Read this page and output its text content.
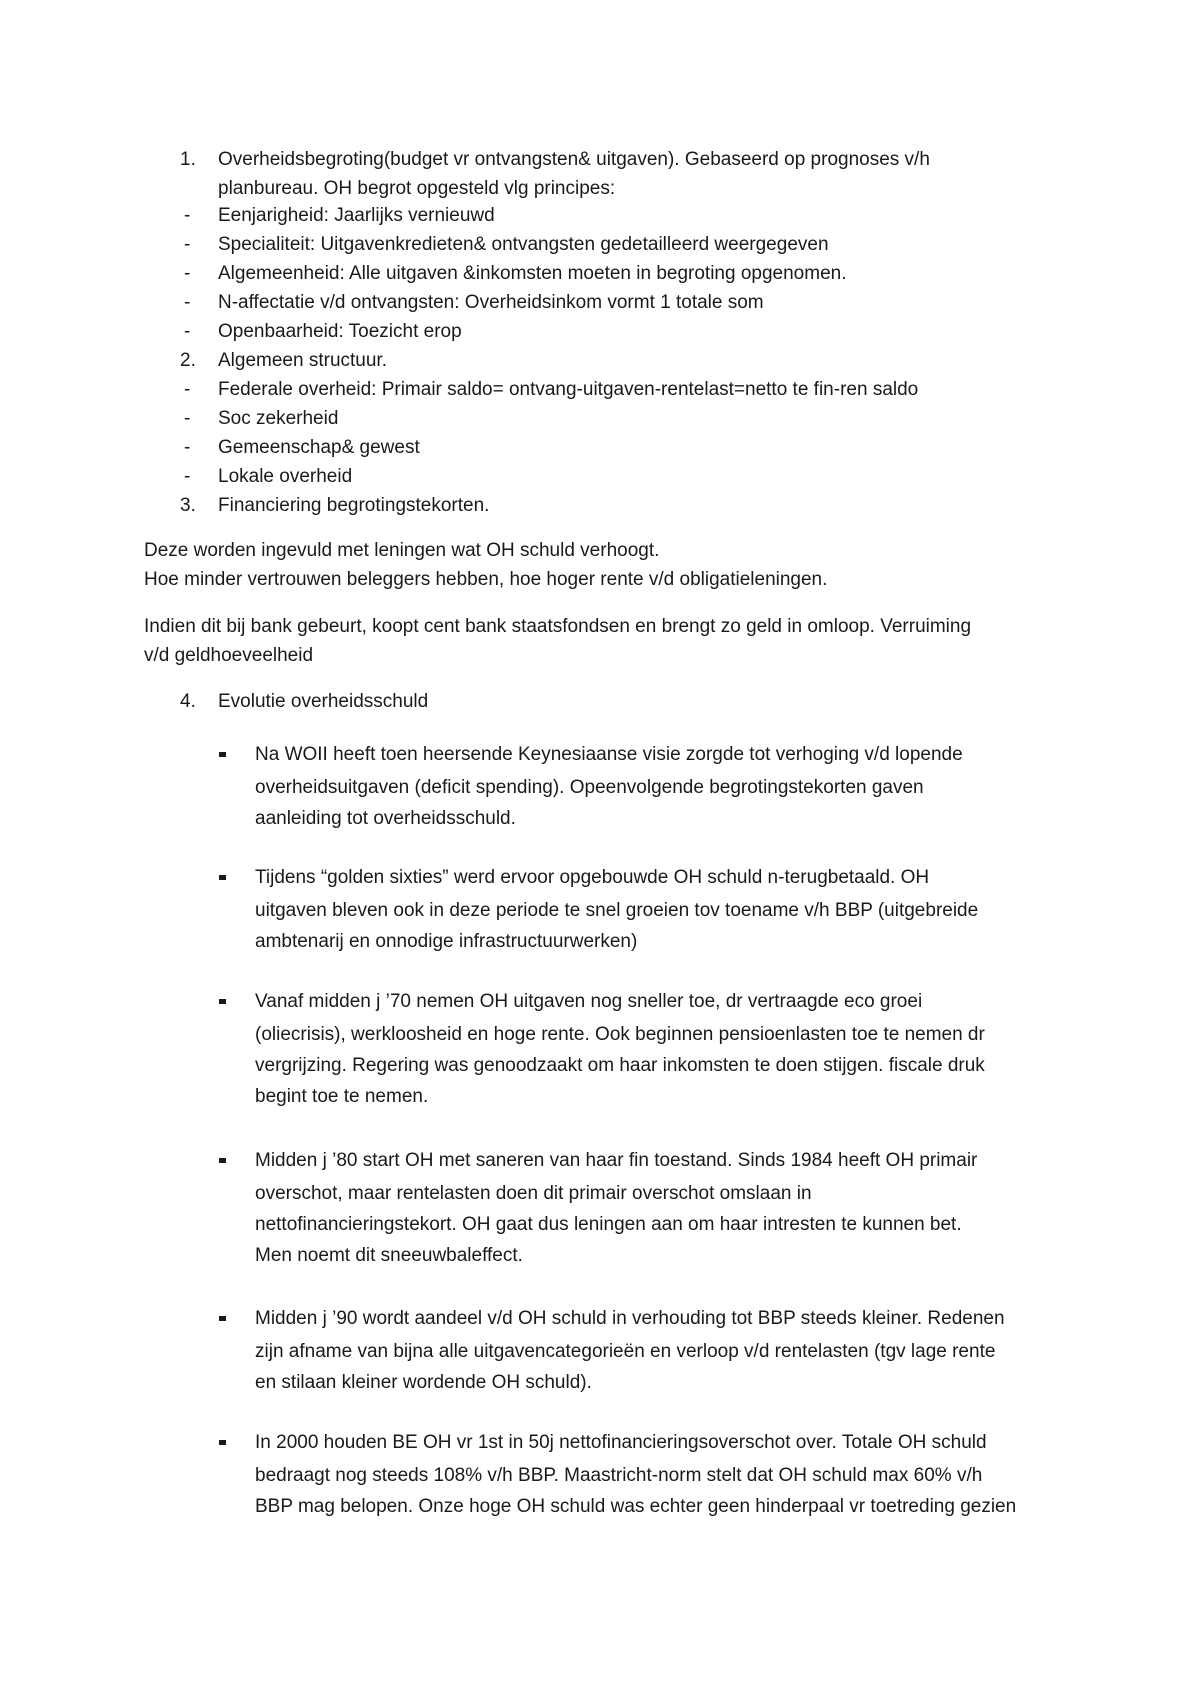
1. Overheidsbegroting(budget vr ontvangsten& uitgaven). Gebaseerd op prognoses v/h
planbureau. OH begrot opgesteld vlg principes:
- Eenjarigheid: Jaarlijks vernieuwd
- Specialiteit: Uitgavenkredieten& ontvangsten gedetailleerd weergegeven
- Algemeenheid: Alle uitgaven &inkomsten moeten in begroting opgenomen.
- N-affectatie v/d ontvangsten: Overheidsinkom vormt 1 totale som
- Openbaarheid: Toezicht erop
2. Algemeen structuur.
- Federale overheid: Primair saldo= ontvang-uitgaven-rentelast=netto te fin-ren saldo
- Soc zekerheid
- Gemeenschap& gewest
- Lokale overheid
3. Financiering begrotingstekorten.
Deze worden ingevuld met leningen wat OH schuld verhoogt.
Hoe minder vertrouwen beleggers hebben, hoe hoger rente v/d obligatieleningen.
Indien dit bij bank gebeurt, koopt cent bank staatsfondsen en brengt zo geld in omloop. Verruiming
v/d geldhoeveelheid
4. Evolutie overheidsschuld
Na WOII heeft toen heersende Keynesiaanse visie zorgde tot verhoging v/d lopende
overheidsuitgaven (deficit spending). Opeenvolgende begrotingstekorten gaven
aanleiding tot overheidsschuld.
Tijdens “golden sixties” werd ervoor opgebouwde OH schuld n-terugbetaald. OH
uitgaven bleven ook in deze periode te snel groeien tov toename v/h BBP (uitgebreide
ambtenarij en onnodige infrastructuurwerken)
Vanaf midden j ’70 nemen OH uitgaven nog sneller toe, dr vertraagde eco groei
(oliecrisis), werkloosheid en hoge rente. Ook beginnen pensioenlasten toe te nemen dr
vergrijzing. Regering was genoodzaakt om haar inkomsten te doen stijgen. fiscale druk
begint toe te nemen.
Midden j ’80 start OH met saneren van haar fin toestand. Sinds 1984 heeft OH primair
overschot, maar rentelasten doen dit primair overschot omslaan in
nettofinancieringstekort. OH gaat dus leningen aan om haar intresten te kunnen bet.
Men noemt dit sneeuwbaleffect.
Midden j ’90 wordt aandeel v/d OH schuld in verhouding tot BBP steeds kleiner. Redenen
zijn afname van bijna alle uitgavencategorieën en verloop v/d rentelasten (tgv lage rente
en stilaan kleiner wordende OH schuld).
In 2000 houden BE OH vr 1st in 50j nettofinancieringsoverschot over. Totale OH schuld
bedraagt nog steeds 108% v/h BBP. Maastricht-norm stelt dat OH schuld max 60% v/h
BBP mag belopen. Onze hoge OH schuld was echter geen hinderpaal vr toetreding gezien
